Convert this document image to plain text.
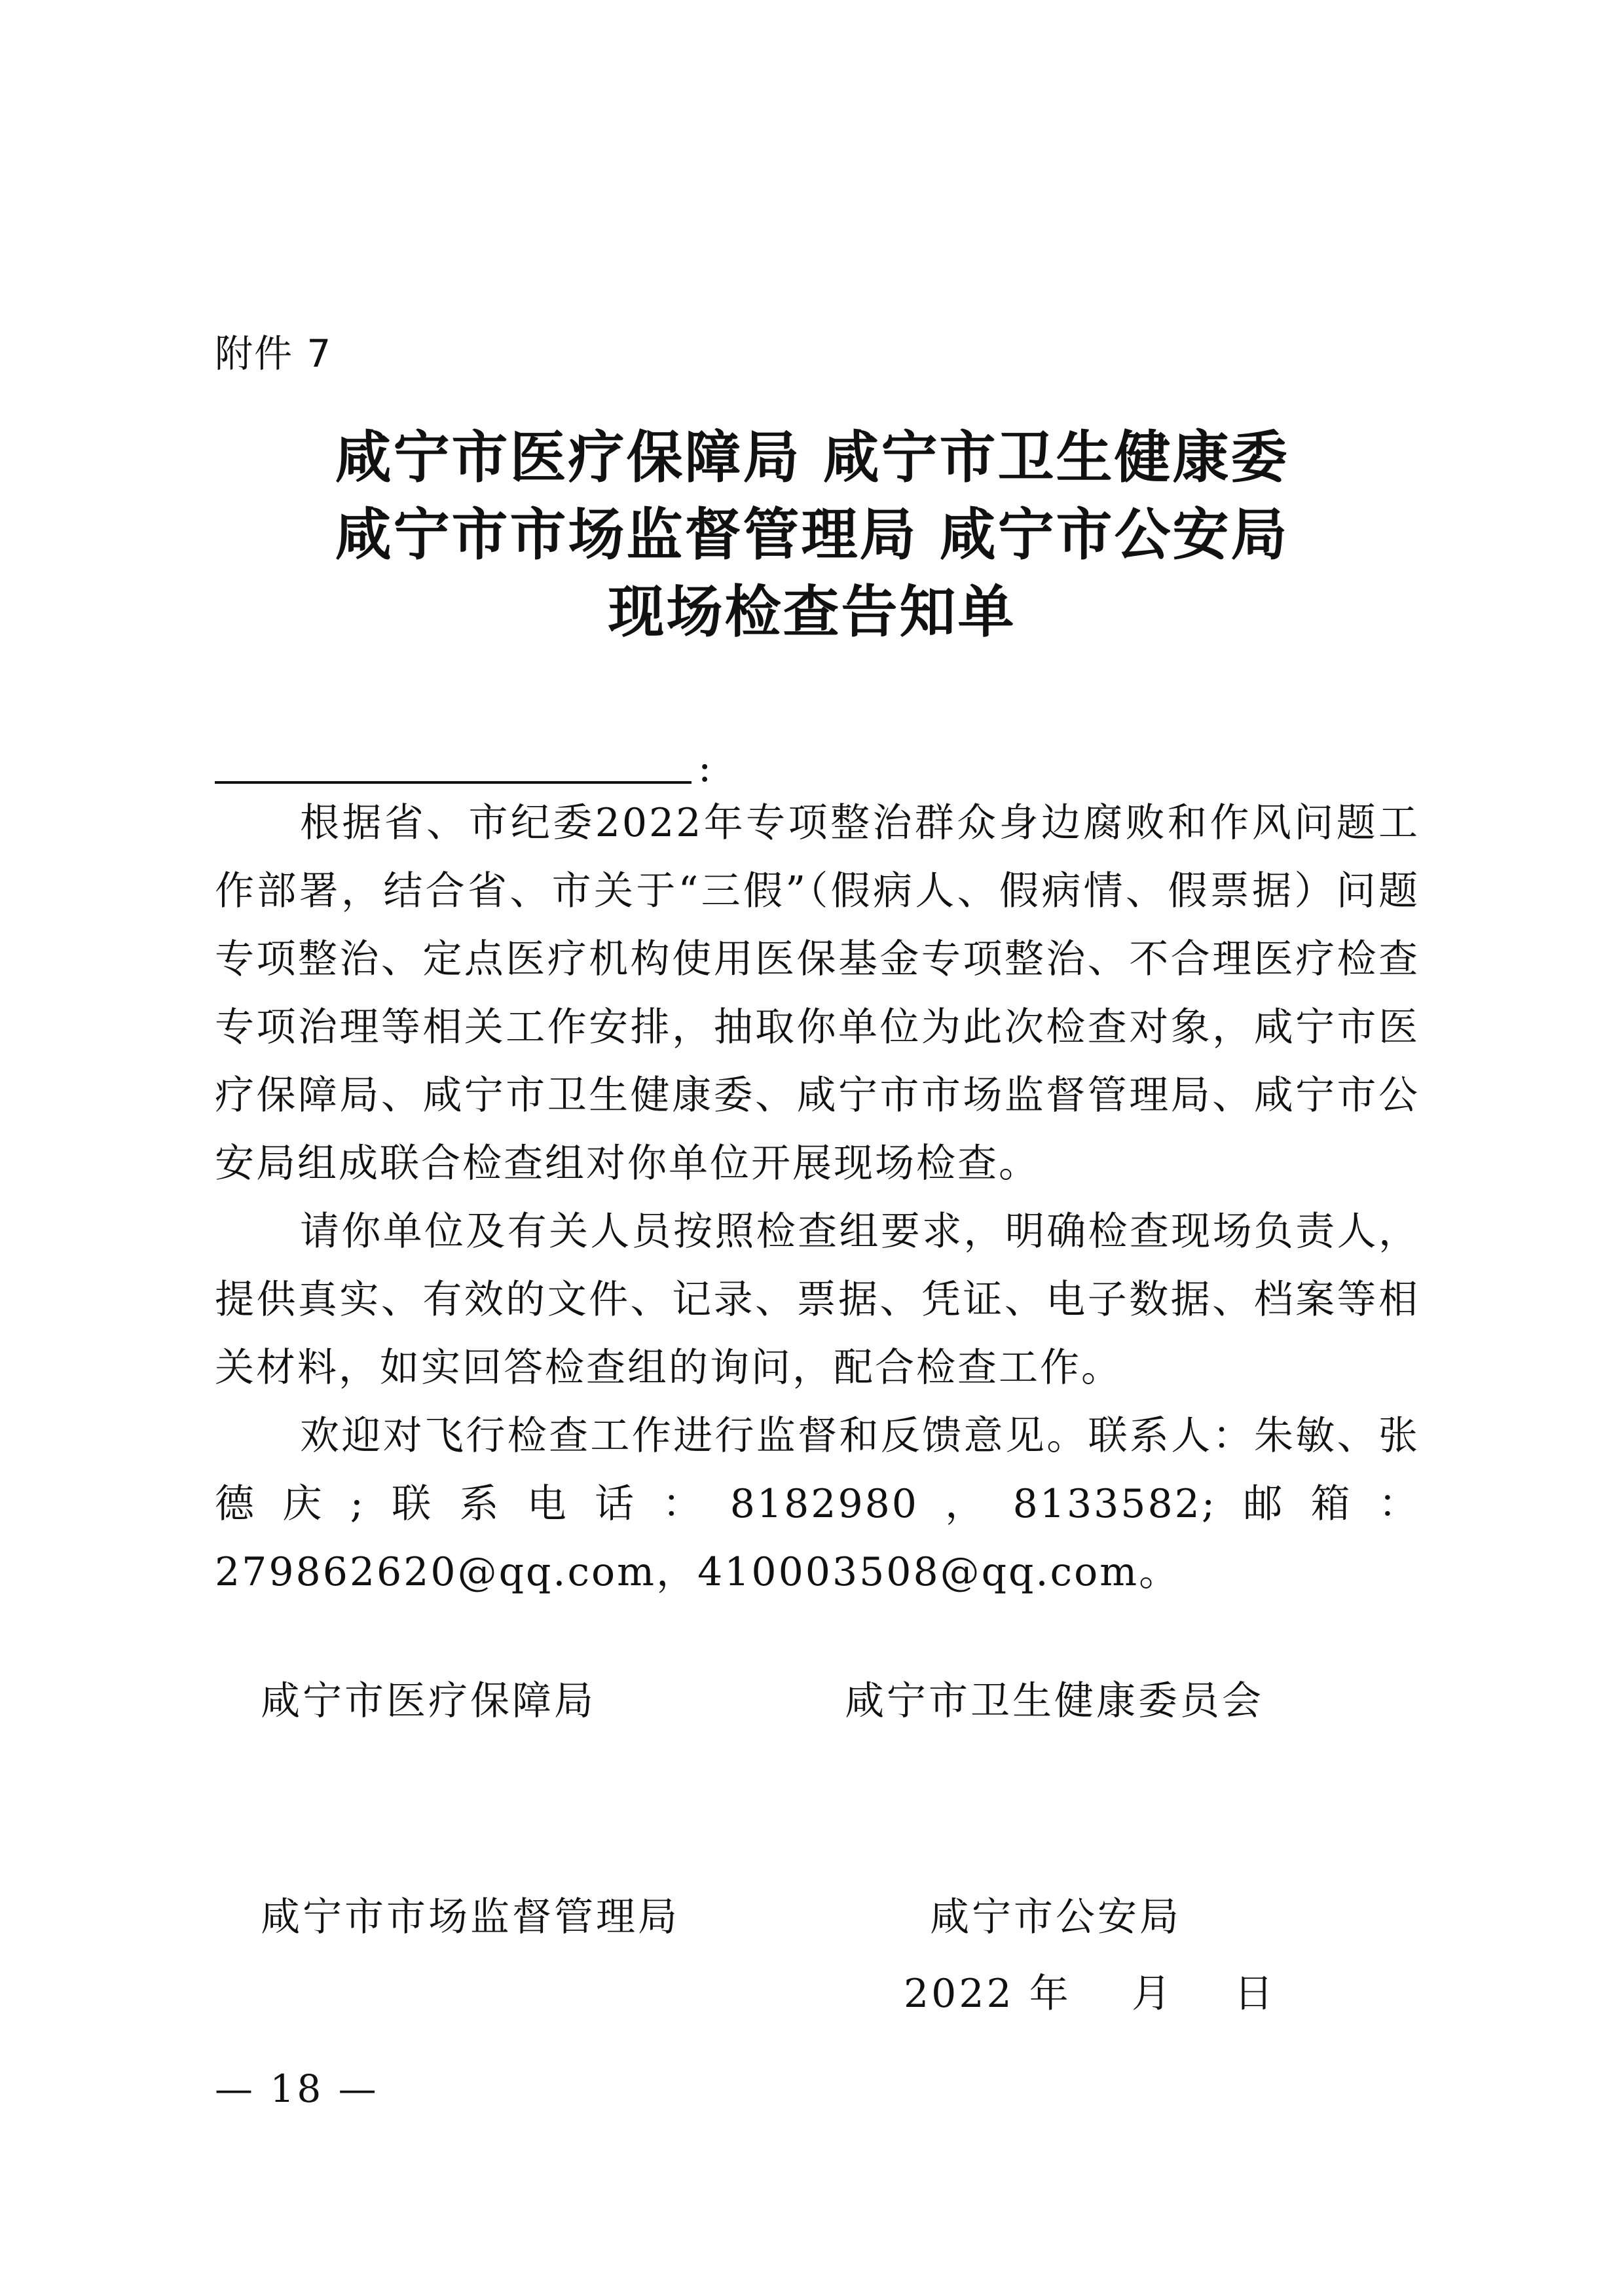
附件 7
咸宁市医疗保障局 咸宁市卫生健康委
咸宁市市场监督管理局 咸宁市公安局
现场检查告知单
:

根据省、市纪委2022年专项整治群众身边腐败和作风问题工作部署，结合省、市关于“三假”（假病人、假病情、假票据）问题专项整治、定点医疗机构使用医保基金专项整治、不合理医疗检查专项治理等相关工作安排，抽取你单位为此次检查对象，咸宁市医疗保障局、咸宁市卫生健康委、咸宁市市场监督管理局、咸宁市公安局组成联合检查组对你单位开展现场检查。

请你单位及有关人员按照检查组要求，明确检查现场负责人，提供真实、有效的文件、记录、票据、凭证、电子数据、档案等相关材料，如实回答检查组的询问，配合检查工作。

欢迎对飞行检查工作进行监督和反馈意见。联系人：朱敏、张德庆;联系电话：8182980，8133582;邮箱：279862620@qq.com，410003508@qq.com。

咸宁市医疗保障局	咸宁市卫生健康委员会
咸宁市市场监督管理局	咸宁市公安局
2022 年    月    日
— 18 —
